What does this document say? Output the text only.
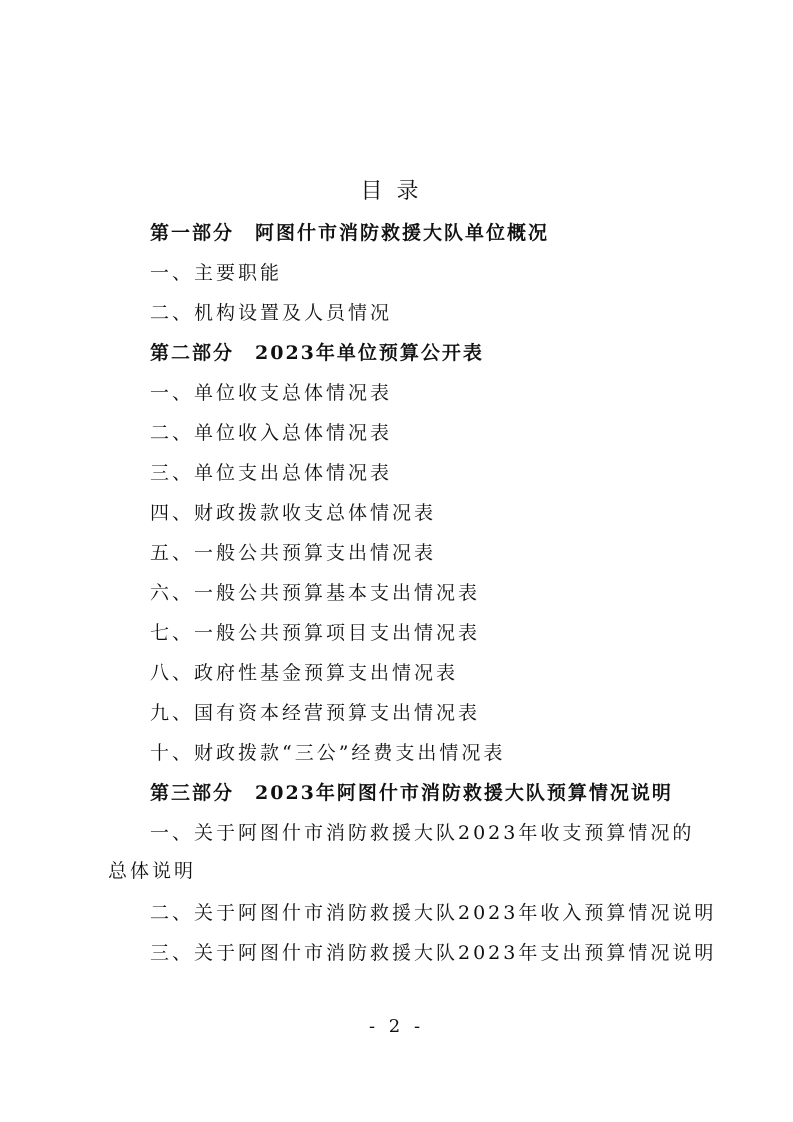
目录
第一部分　阿图什市消防救援大队单位概况
一、主要职能
二、机构设置及人员情况
第二部分　2023年单位预算公开表
一、单位收支总体情况表
二、单位收入总体情况表
三、单位支出总体情况表
四、财政拨款收支总体情况表
五、一般公共预算支出情况表
六、一般公共预算基本支出情况表
七、一般公共预算项目支出情况表
八、政府性基金预算支出情况表
九、国有资本经营预算支出情况表
十、财政拨款“三公”经费支出情况表
第三部分　2023年阿图什市消防救援大队预算情况说明
一、关于阿图什市消防救援大队2023年收支预算情况的总体说明
二、关于阿图什市消防救援大队2023年收入预算情况说明
三、关于阿图什市消防救援大队2023年支出预算情况说明
- 2 -
